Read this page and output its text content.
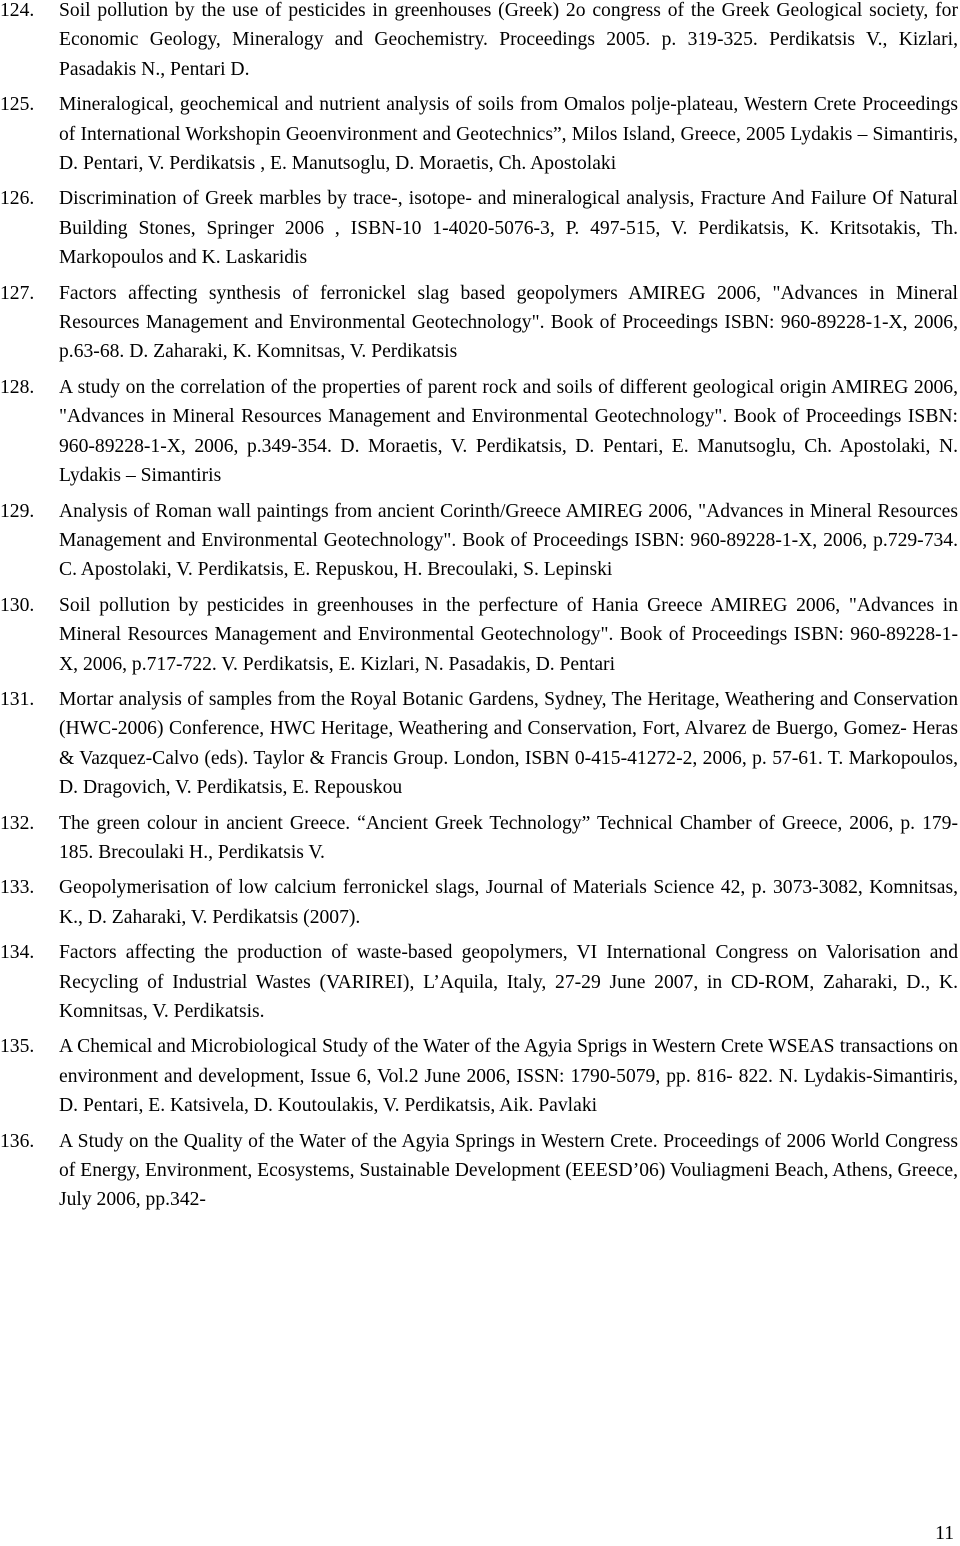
124.	Soil pollution by the use of pesticides in greenhouses (Greek) 2o congress of the Greek Geological society, for Economic Geology, Mineralogy and Geochemistry. Proceedings 2005. p. 319-325. Perdikatsis V., Kizlari, Pasadakis N., Pentari D.
125.	Mineralogical, geochemical and nutrient analysis of soils from Omalos polje-plateau, Western Crete Proceedings of International Workshopin Geoenvironment and Geotechnics”, Milos Island, Greece, 2005 Lydakis – Simantiris, D. Pentari, V. Perdikatsis , E. Manutsoglu, D. Moraetis, Ch. Apostolaki
126.	Discrimination of Greek marbles by trace-, isotope- and mineralogical analysis, Fracture And Failure Of Natural Building Stones, Springer 2006 , ISBN-10 1-4020-5076-3, P. 497-515, V. Perdikatsis, K. Kritsotakis, Th. Markopoulos and K. Laskaridis
127.	Factors affecting synthesis of ferronickel slag based geopolymers AMIREG 2006, "Advances in Mineral Resources Management and Environmental Geotechnology". Book of Proceedings ISBN: 960-89228-1-X, 2006, p.63-68. D. Zaharaki, K. Komnitsas, V. Perdikatsis
128.	A study on the correlation of the properties of parent rock and soils of different geological origin AMIREG 2006, "Advances in Mineral Resources Management and Environmental Geotechnology". Book of Proceedings ISBN: 960-89228-1-X, 2006, p.349-354. D. Moraetis, V. Perdikatsis, D. Pentari, E. Manutsoglu, Ch. Apostolaki, N. Lydakis – Simantiris
129.	Analysis of Roman wall paintings from ancient Corinth/Greece AMIREG 2006, "Advances in Mineral Resources Management and Environmental Geotechnology". Book of Proceedings ISBN: 960-89228-1-X, 2006, p.729-734. C. Apostolaki, V. Perdikatsis, E. Repuskou, H. Brecoulaki, S. Lepinski
130.	Soil pollution by pesticides in greenhouses in the perfecture of Hania Greece AMIREG 2006, "Advances in Mineral Resources Management and Environmental Geotechnology". Book of Proceedings ISBN: 960-89228-1-X, 2006, p.717-722. V. Perdikatsis, E. Kizlari, N. Pasadakis, D. Pentari
131.	Mortar analysis of samples from the Royal Botanic Gardens, Sydney, The Heritage, Weathering and Conservation (HWC-2006) Conference, HWC Heritage, Weathering and Conservation, Fort, Alvarez de Buergo, Gomez- Heras & Vazquez-Calvo (eds). Taylor & Francis Group. London, ISBN 0-415-41272-2, 2006, p. 57-61. T. Markopoulos, D. Dragovich, V. Perdikatsis, E. Repouskou
132.	The green colour in ancient Greece. “Ancient Greek Technology” Technical Chamber of Greece, 2006, p. 179- 185. Brecoulaki H., Perdikatsis V.
133.	Geopolymerisation of low calcium ferronickel slags, Journal of Materials Science 42, p. 3073-3082, Komnitsas, K., D. Zaharaki, V. Perdikatsis (2007).
134.	Factors affecting the production of waste-based geopolymers, VI International Congress on Valorisation and Recycling of Industrial Wastes (VARIREI), L’Aquila, Italy, 27-29 June 2007, in CD-ROM, Zaharaki, D., K. Komnitsas, V. Perdikatsis.
135.	A Chemical and Microbiological Study of the Water of the Agyia Sprigs in Western Crete WSEAS transactions on environment and development, Issue 6, Vol.2 June 2006, ISSN: 1790-5079, pp. 816- 822. N. Lydakis-Simantiris, D. Pentari, E. Katsivela, D. Koutoulakis, V. Perdikatsis, Aik. Pavlaki
136.	A Study on the Quality of the Water of the Agyia Springs in Western Crete. Proceedings of 2006 World Congress of Energy, Environment, Ecosystems, Sustainable Development (EEESD’06) Vouliagmeni Beach, Athens, Greece, July 2006, pp.342-
11
